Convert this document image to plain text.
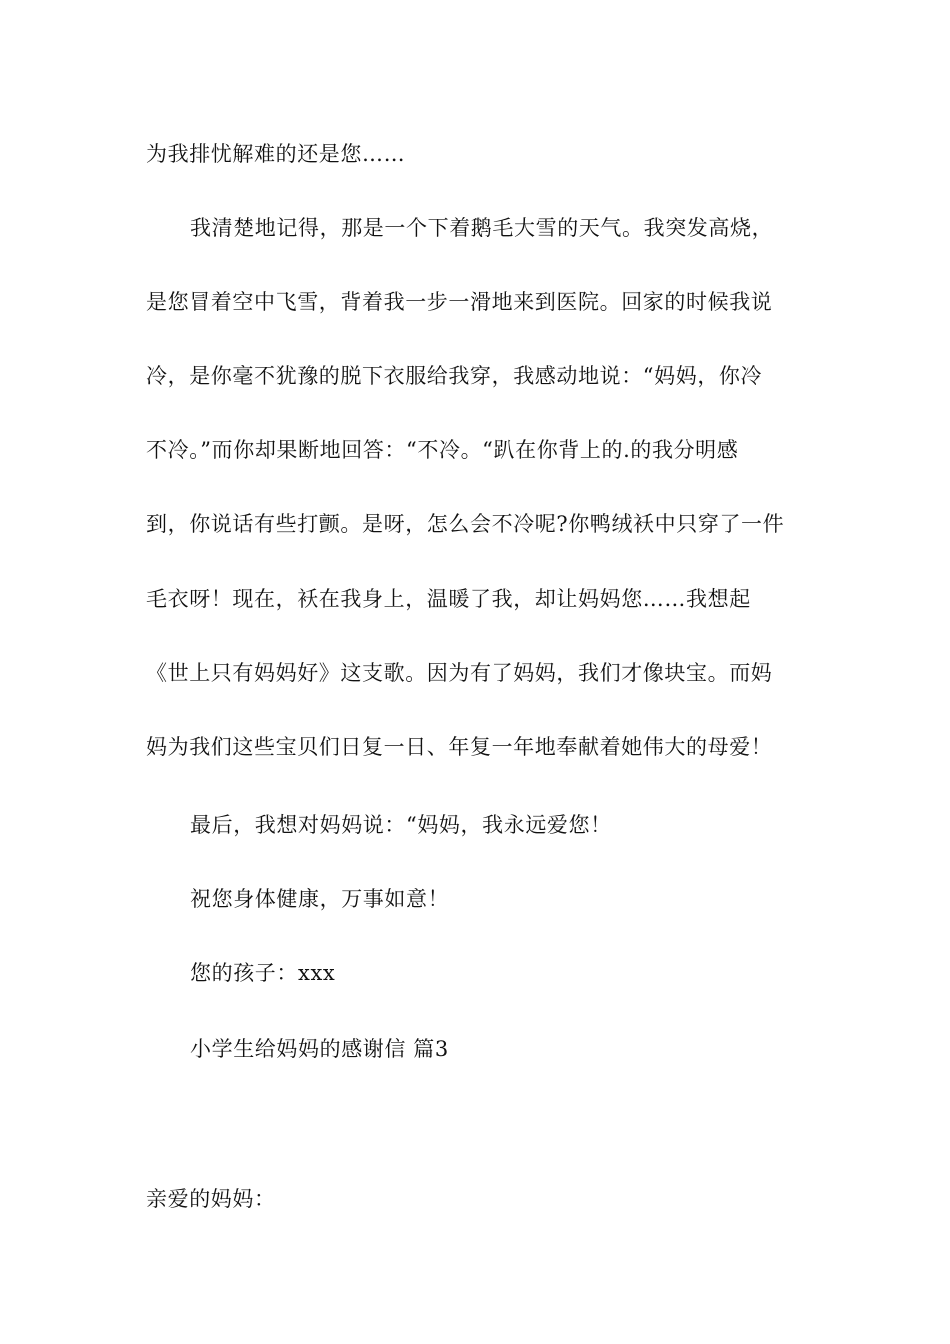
为我排忧解难的还是您……
我清楚地记得，那是一个下着鹅毛大雪的天气。我突发高烧，
是您冒着空中飞雪，背着我一步一滑地来到医院。回家的时候我说
冷，是你毫不犹豫的脱下衣服给我穿，我感动地说：“妈妈，你冷
不冷。”而你却果断地回答：“不冷。“趴在你背上的.的我分明感
到，你说话有些打颤。是呀，怎么会不冷呢?你鸭绒袄中只穿了一件
毛衣呀！现在，袄在我身上，温暖了我，却让妈妈您……我想起
《世上只有妈妈好》这支歌。因为有了妈妈，我们才像块宝。而妈
妈为我们这些宝贝们日复一日、年复一年地奉献着她伟大的母爱！
最后，我想对妈妈说：“妈妈，我永远爱您！
祝您身体健康，万事如意！
您的孩子：xxx
小学生给妈妈的感谢信 篇3
亲爱的妈妈：
